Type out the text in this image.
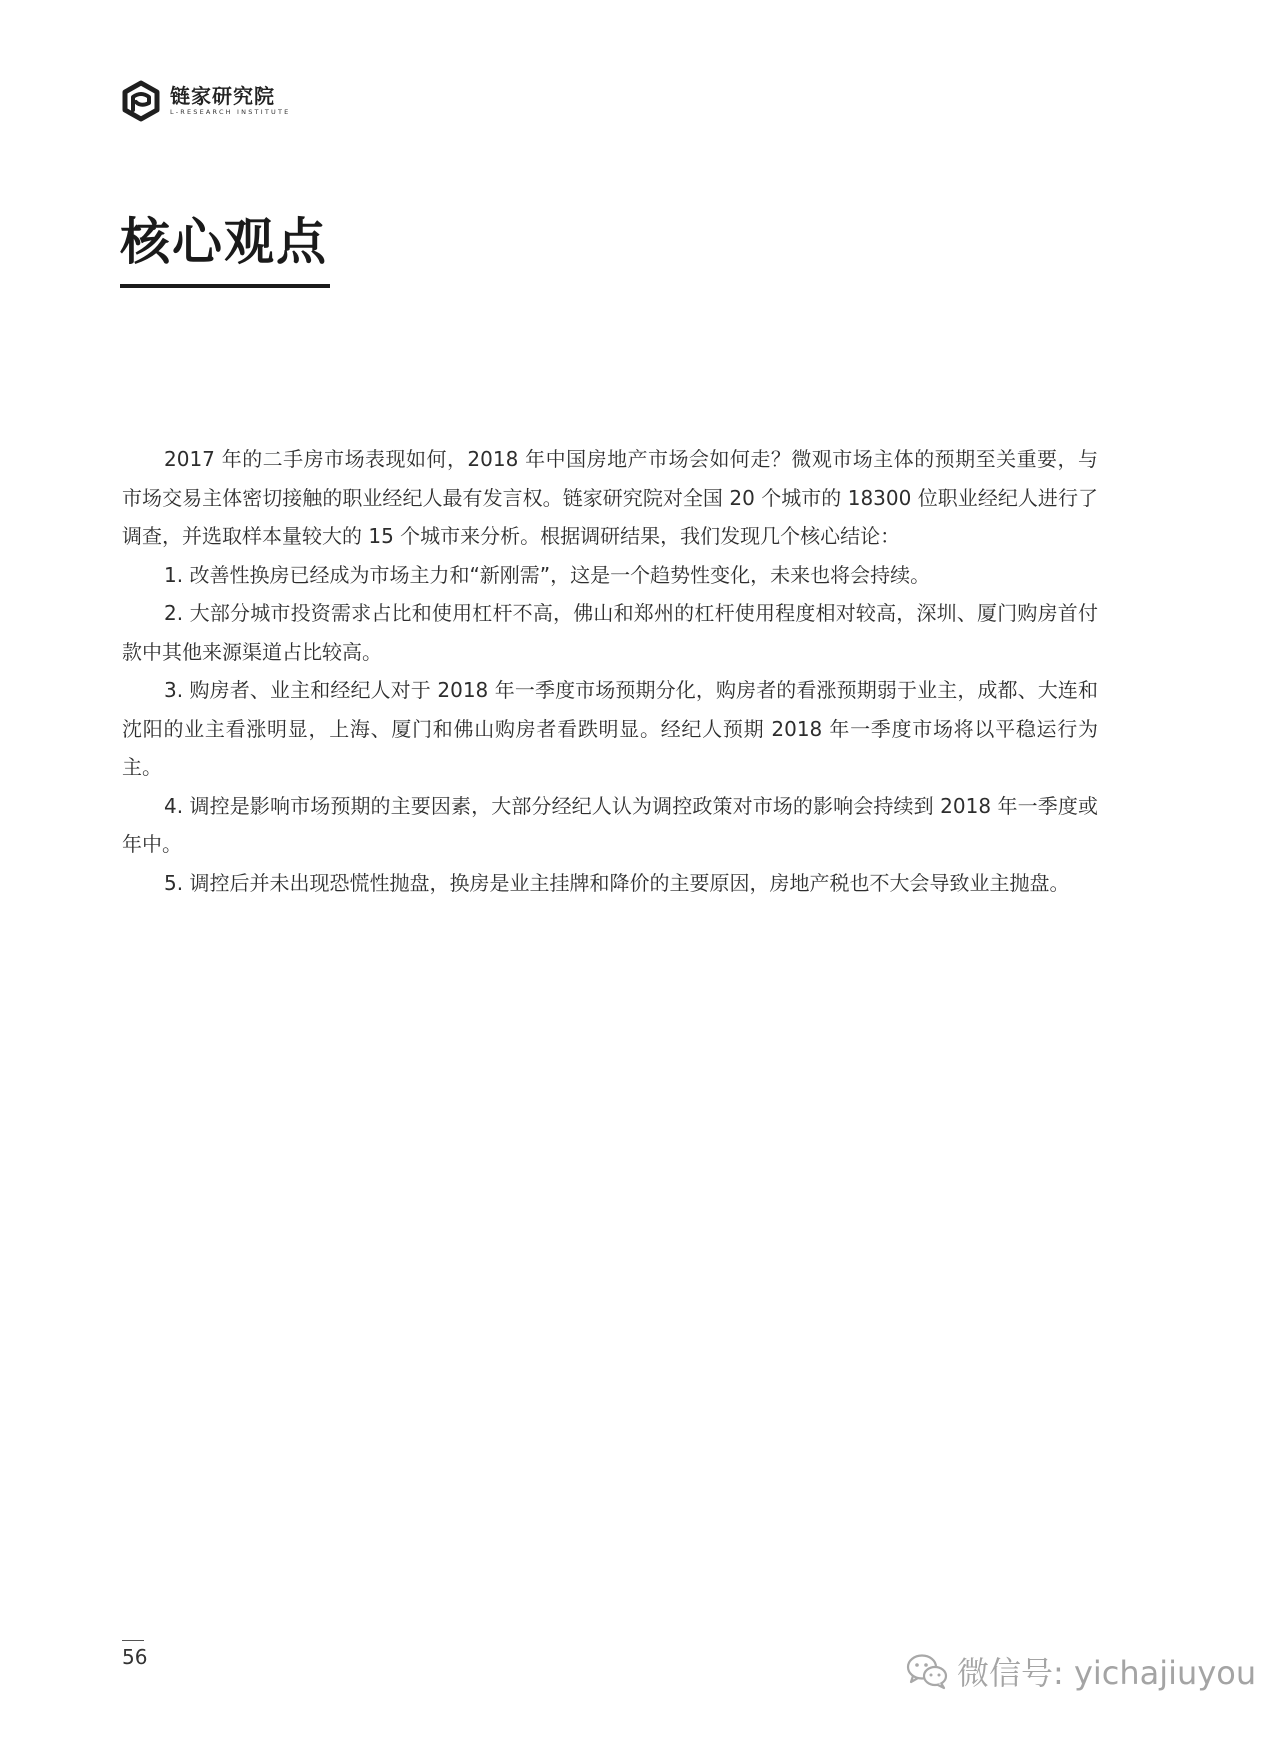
链家研究院
L-RESEARCH INSTITUTE
核心观点

2017 年的二手房市场表现如何，2018 年中国房地产市场会如何走？微观市场主体的预期至关重要，与市场交易主体密切接触的职业经纪人最有发言权。链家研究院对全国 20 个城市的 18300 位职业经纪人进行了调查，并选取样本量较大的 15 个城市来分析。根据调研结果，我们发现几个核心结论：

1. 改善性换房已经成为市场主力和“新刚需”，这是一个趋势性变化，未来也将会持续。

2. 大部分城市投资需求占比和使用杠杆不高，佛山和郑州的杠杆使用程度相对较高，深圳、厦门购房首付款中其他来源渠道占比较高。

3. 购房者、业主和经纪人对于 2018 年一季度市场预期分化，购房者的看涨预期弱于业主，成都、大连和沈阳的业主看涨明显，上海、厦门和佛山购房者看跌明显。经纪人预期 2018 年一季度市场将以平稳运行为主。

4. 调控是影响市场预期的主要因素，大部分经纪人认为调控政策对市场的影响会持续到 2018 年一季度或年中。

5. 调控后并未出现恐慌性抛盘，换房是业主挂牌和降价的主要原因，房地产税也不大会导致业主抛盘。

56	微信号: yichajiuyou
